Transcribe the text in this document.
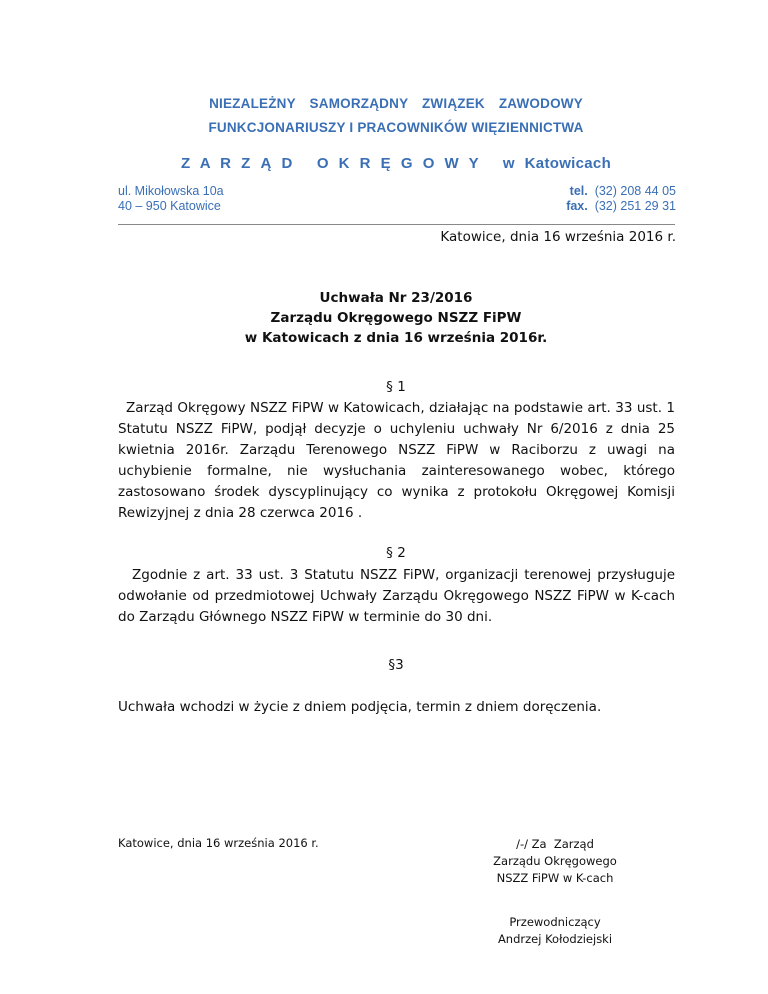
NIEZALEŻNY SAMORZĄDNY ZWIĄZEK ZAWODOWY
FUNKCJONARIUSZY I PRACOWNIKÓW WIĘZIENNICTWA
Z A R Z Ą D   O K R Ę G O W Y   w Katowicach
ul. Mikołowska 10a
40 – 950 Katowice
tel. (32) 208 44 05
fax. (32) 251 29 31
Katowice, dnia 16 września 2016 r.
Uchwała Nr 23/2016
Zarządu Okręgowego NSZZ FiPW
w Katowicach z dnia 16 września 2016r.
§ 1
Zarząd Okręgowy NSZZ FiPW w Katowicach, działając na podstawie art. 33 ust. 1 Statutu NSZZ FiPW, podjął decyzje o uchyleniu uchwały Nr 6/2016 z dnia 25 kwietnia 2016r. Zarządu Terenowego NSZZ FiPW w Raciborzu z uwagi na uchybienie formalne, nie wysłuchania zainteresowanego wobec, którego zastosowano środek dyscyplinujący co wynika z protokołu Okręgowej Komisji Rewizyjnej z dnia 28 czerwca 2016 .
§ 2
Zgodnie z art. 33 ust. 3 Statutu NSZZ FiPW, organizacji terenowej przysługuje odwołanie od przedmiotowej Uchwały Zarządu Okręgowego NSZZ FiPW w K-cach do Zarządu Głównego NSZZ FiPW w terminie do 30 dni.
§3
Uchwała wchodzi w życie z dniem podjęcia, termin z dniem doręczenia.
Katowice, dnia 16 września 2016 r.	/-/ Za  Zarząd
Zarządu Okręgowego
NSZZ FiPW w K-cach
Przewodniczący
Andrzej Kołodziejski
